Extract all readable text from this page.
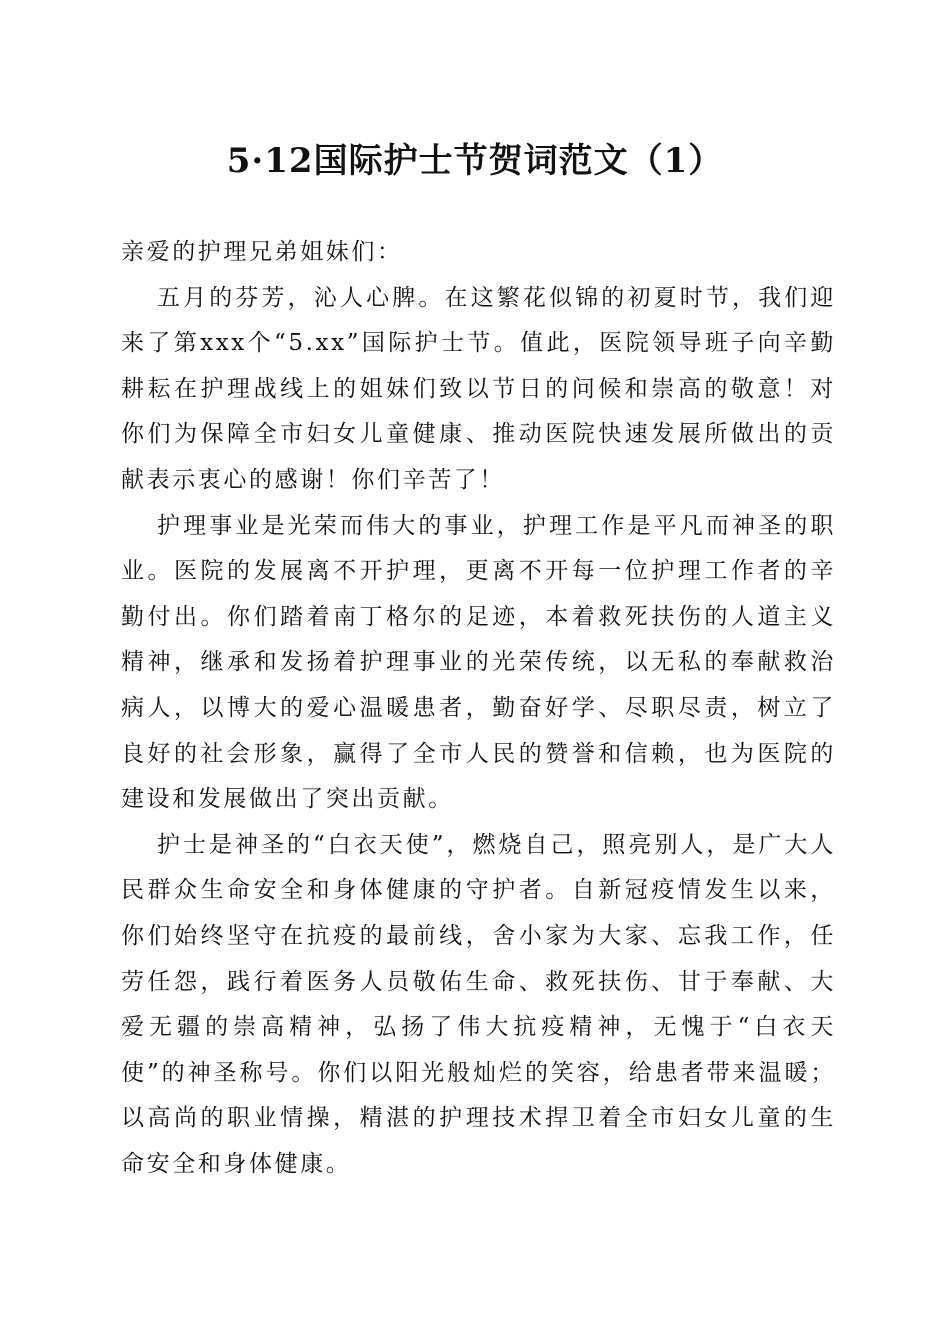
5·12国际护士节贺词范文（1）

亲爱的护理兄弟姐妹们：

五月的芬芳，沁人心脾。在这繁花似锦的初夏时节，我们迎来了第xxx个“5.xx”国际护士节。值此，医院领导班子向辛勤耕耘在护理战线上的姐妹们致以节日的问候和崇高的敬意！对你们为保障全市妇女儿童健康、推动医院快速发展所做出的贡献表示衷心的感谢！你们辛苦了！

护理事业是光荣而伟大的事业，护理工作是平凡而神圣的职业。医院的发展离不开护理，更离不开每一位护理工作者的辛勤付出。你们踏着南丁格尔的足迹，本着救死扶伤的人道主义精神，继承和发扬着护理事业的光荣传统，以无私的奉献救治病人，以博大的爱心温暖患者，勤奋好学、尽职尽责，树立了良好的社会形象，赢得了全市人民的赞誉和信赖，也为医院的建设和发展做出了突出贡献。

护士是神圣的“白衣天使”，燃烧自己，照亮别人，是广大人民群众生命安全和身体健康的守护者。自新冠疫情发生以来，你们始终坚守在抗疫的最前线，舍小家为大家、忘我工作，任劳任怨，践行着医务人员敬佑生命、救死扶伤、甘于奉献、大爱无疆的崇高精神，弘扬了伟大抗疫精神，无愧于“白衣天使”的神圣称号。你们以阳光般灿烂的笑容，给患者带来温暖；以高尚的职业情操，精湛的护理技术捍卫着全市妇女儿童的生命安全和身体健康。
